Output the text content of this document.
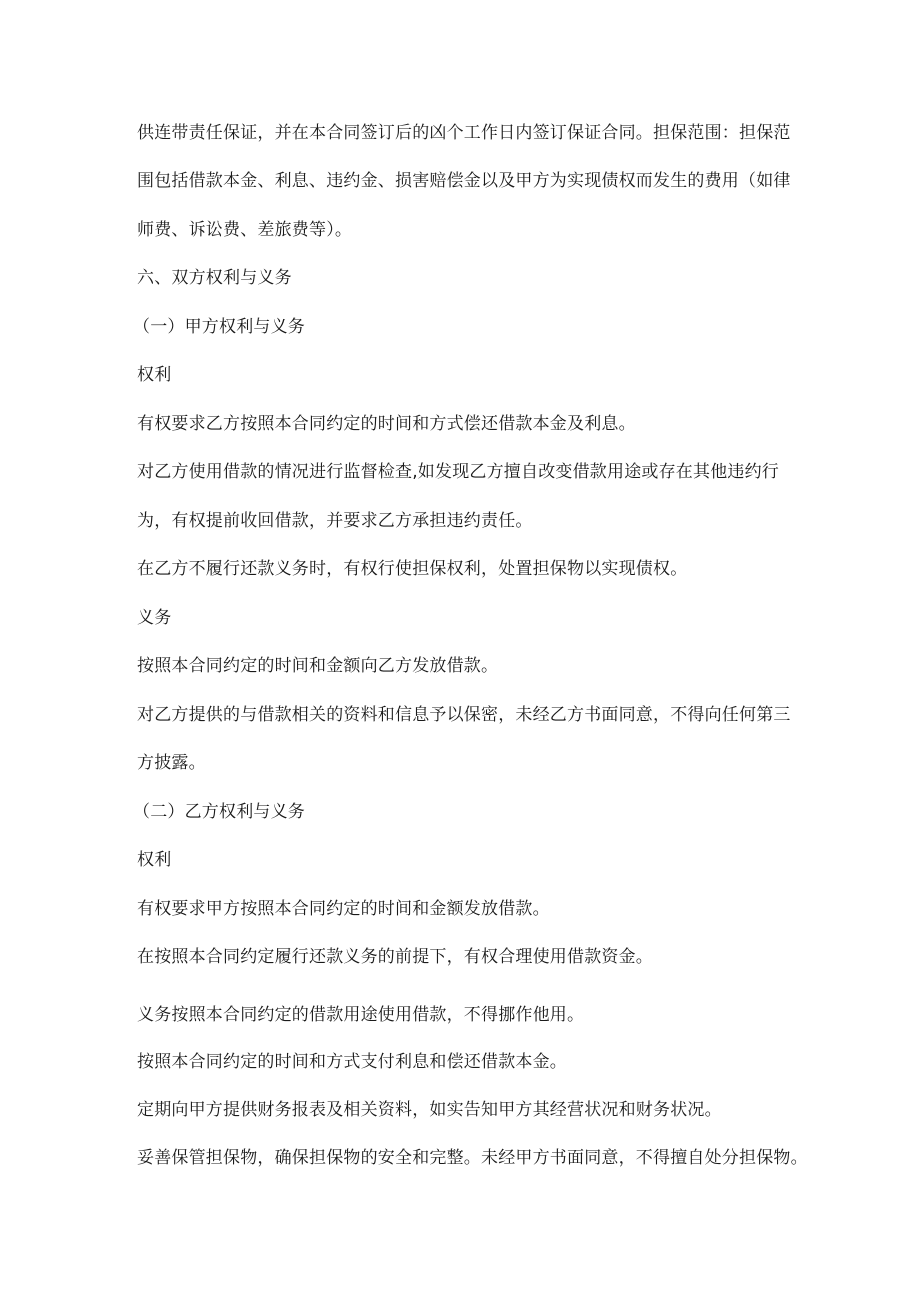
供连带责任保证，并在本合同签订后的凶个工作日内签订保证合同。担保范围：担保范
围包括借款本金、利息、违约金、损害赔偿金以及甲方为实现债权而发生的费用（如律
师费、诉讼费、差旅费等）。
六、双方权利与义务
（一）甲方权利与义务
权利
有权要求乙方按照本合同约定的时间和方式偿还借款本金及利息。
对乙方使用借款的情况进行监督检查,如发现乙方擅自改变借款用途或存在其他违约行
为，有权提前收回借款，并要求乙方承担违约责任。
在乙方不履行还款义务时，有权行使担保权利，处置担保物以实现债权。
义务
按照本合同约定的时间和金额向乙方发放借款。
对乙方提供的与借款相关的资料和信息予以保密，未经乙方书面同意，不得向任何第三
方披露。
（二）乙方权利与义务
权利
有权要求甲方按照本合同约定的时间和金额发放借款。
在按照本合同约定履行还款义务的前提下，有权合理使用借款资金。
义务按照本合同约定的借款用途使用借款，不得挪作他用。
按照本合同约定的时间和方式支付利息和偿还借款本金。
定期向甲方提供财务报表及相关资料，如实告知甲方其经营状况和财务状况。
妥善保管担保物，确保担保物的安全和完整。未经甲方书面同意，不得擅自处分担保物。
